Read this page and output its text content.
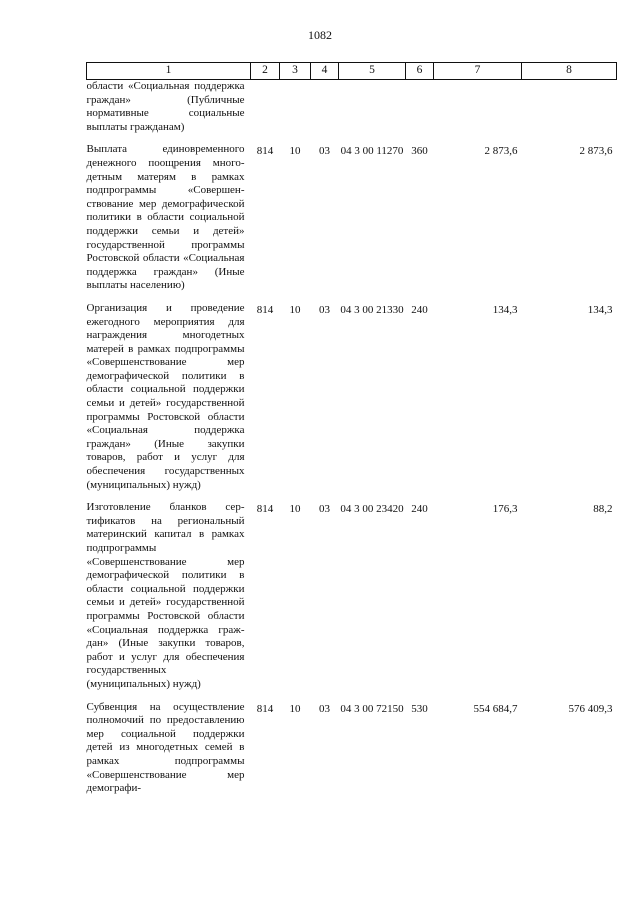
1082
1	2	3	4	5	6	7	8
области «Социальная поддержка граждан» (Публичные нормативные социальные выплаты гражданам)							
Выплата единовременного денежного поощрения многодетным матерям в рамках подпрограммы «Совершенствование мер демографической политики в области социальной поддержки семьи и детей» государственной программы Ростовской области «Социальная поддержка граждан» (Иные выплаты населению)	814	10	03	04 3 00 11270	360	2 873,6	2 873,6
Организация и проведение ежегодного мероприятия для награждения многодетных матерей в рамках подпрограммы «Совершенствование мер демографической политики в области социальной поддержки семьи и детей» государственной программы Ростовской области «Социальная поддержка граждан» (Иные закупки товаров, работ и услуг для обеспечения государственных (муниципальных) нужд)	814	10	03	04 3 00 21330	240	134,3	134,3
Изготовление бланков сертификатов на региональный материнский капитал в рамках подпрограммы «Совершенствование мер демографической политики в области социальной поддержки семьи и детей» государственной программы Ростовской области «Социальная поддержка граждан» (Иные закупки товаров, работ и услуг для обеспечения государственных (муниципальных) нужд)	814	10	03	04 3 00 23420	240	176,3	88,2
Субвенция на осуществление полномочий по предоставлению мер социальной поддержки детей из многодетных семей в рамках подпрограммы «Совершенствование мер демографи-	814	10	03	04 3 00 72150	530	554 684,7	576 409,3
